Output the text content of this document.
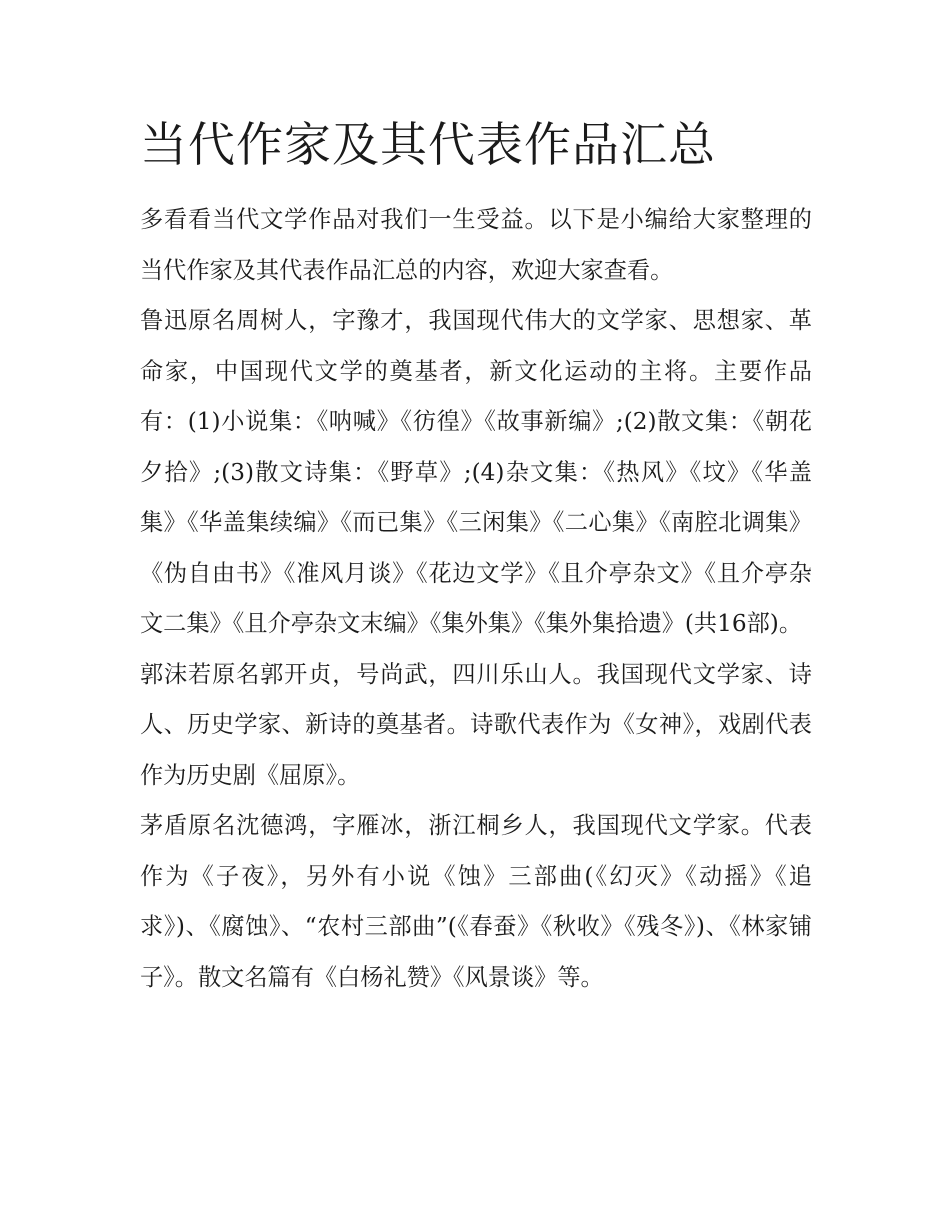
当代作家及其代表作品汇总

多看看当代文学作品对我们一生受益。以下是小编给大家整理的当代作家及其代表作品汇总的内容，欢迎大家查看。

鲁迅原名周树人，字豫才，我国现代伟大的文学家、思想家、革命家，中国现代文学的奠基者，新文化运动的主将。主要作品有：(1)小说集：《呐喊》《彷徨》《故事新编》;(2)散文集：《朝花夕拾》;(3)散文诗集：《野草》;(4)杂文集：《热风》《坟》《华盖集》《华盖集续编》《而已集》《三闲集》《二心集》《南腔北调集》《伪自由书》《准风月谈》《花边文学》《且介亭杂文》《且介亭杂文二集》《且介亭杂文末编》《集外集》《集外集拾遗》(共16部)。

郭沫若原名郭开贞，号尚武，四川乐山人。我国现代文学家、诗人、历史学家、新诗的奠基者。诗歌代表作为《女神》，戏剧代表作为历史剧《屈原》。

茅盾原名沈德鸿，字雁冰，浙江桐乡人，我国现代文学家。代表作为《子夜》，另外有小说《蚀》三部曲(《幻灭》《动摇》《追求》)、《腐蚀》、“农村三部曲”(《春蚕》《秋收》《残冬》)、《林家铺子》。散文名篇有《白杨礼赞》《风景谈》等。
